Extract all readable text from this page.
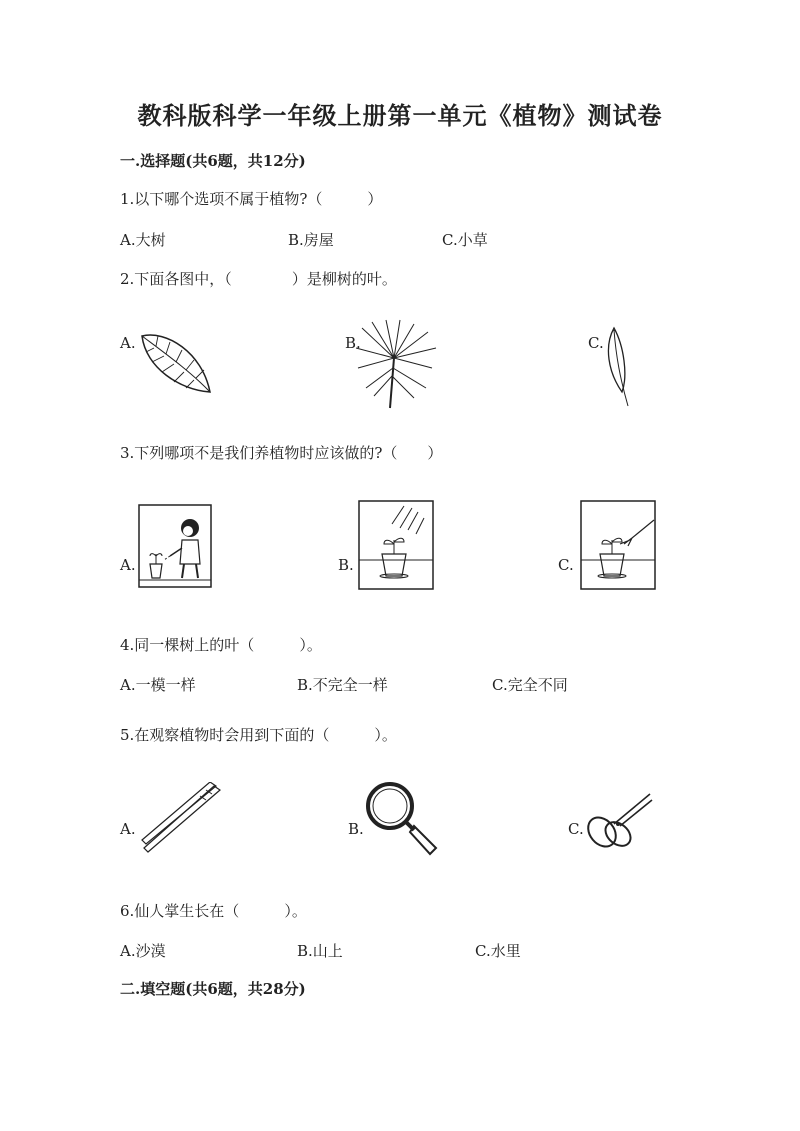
教科版科学一年级上册第一单元《植物》测试卷
一.选择题(共6题，共12分)
1.以下哪个选项不属于植物?（　　　）
A.大树	B.房屋	C.小草
2.下面各图中，（　　　　）是柳树的叶。
A.	B.	C.
3.下列哪项不是我们养植物时应该做的?（　　）
A.	B.	C.
4.同一棵树上的叶（　　　）。
A.一模一样	B.不完全一样	C.完全不同
5.在观察植物时会用到下面的（　　　）。
A.	B.	C.
6.仙人掌生长在（　　　）。
A.沙漠	B.山上	C.水里
二.填空题(共6题，共28分)
